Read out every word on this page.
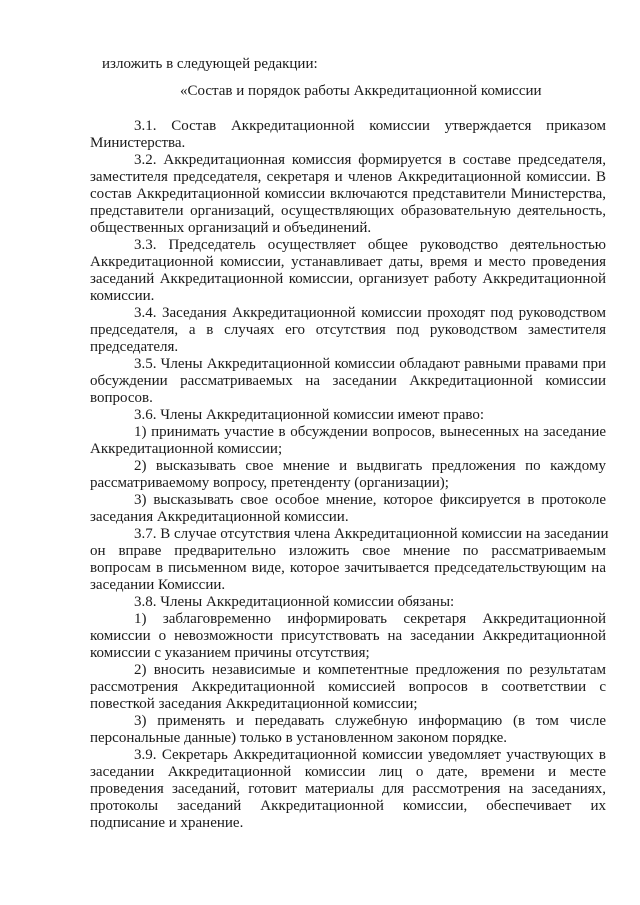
изложить в следующей редакции:
«Состав и порядок работы Аккредитационной комиссии
3.1. Состав Аккредитационной комиссии утверждается приказом
Министерства.
3.2. Аккредитационная комиссия формируется в составе председателя,
заместителя председателя, секретаря и членов Аккредитационной комиссии. В
состав Аккредитационной комиссии включаются представители Министерства,
представители организаций, осуществляющих образовательную деятельность,
общественных организаций и объединений.
3.3. Председатель осуществляет общее руководство деятельностью
Аккредитационной комиссии, устанавливает даты, время и место проведения
заседаний Аккредитационной комиссии, организует работу Аккредитационной
комиссии.
3.4. Заседания Аккредитационной комиссии проходят под руководством
председателя, а в случаях его отсутствия под руководством заместителя
председателя.
3.5. Члены Аккредитационной комиссии обладают равными правами при
обсуждении рассматриваемых на заседании Аккредитационной комиссии
вопросов.
3.6. Члены Аккредитационной комиссии имеют право:
1) принимать участие в обсуждении вопросов, вынесенных на заседание
Аккредитационной комиссии;
2) высказывать свое мнение и выдвигать предложения по каждому
рассматриваемому вопросу, претенденту (организации);
3) высказывать свое особое мнение, которое фиксируется в протоколе
заседания Аккредитационной комиссии.
3.7. В случае отсутствия члена Аккредитационной комиссии на заседании
он вправе предварительно изложить свое мнение по рассматриваемым
вопросам в письменном виде, которое зачитывается председательствующим на
заседании Комиссии.
3.8. Члены Аккредитационной комиссии обязаны:
1) заблаговременно информировать секретаря Аккредитационной
комиссии о невозможности присутствовать на заседании Аккредитационной
комиссии с указанием причины отсутствия;
2) вносить независимые и компетентные предложения по результатам
рассмотрения Аккредитационной комиссией вопросов в соответствии с
повесткой заседания Аккредитационной комиссии;
3) применять и передавать служебную информацию (в том числе
персональные данные) только в установленном законом порядке.
3.9. Секретарь Аккредитационной комиссии уведомляет участвующих в
заседании Аккредитационной комиссии лиц о дате, времени и месте
проведения заседаний, готовит материалы для рассмотрения на заседаниях,
протоколы заседаний Аккредитационной комиссии, обеспечивает их
подписание и хранение.
